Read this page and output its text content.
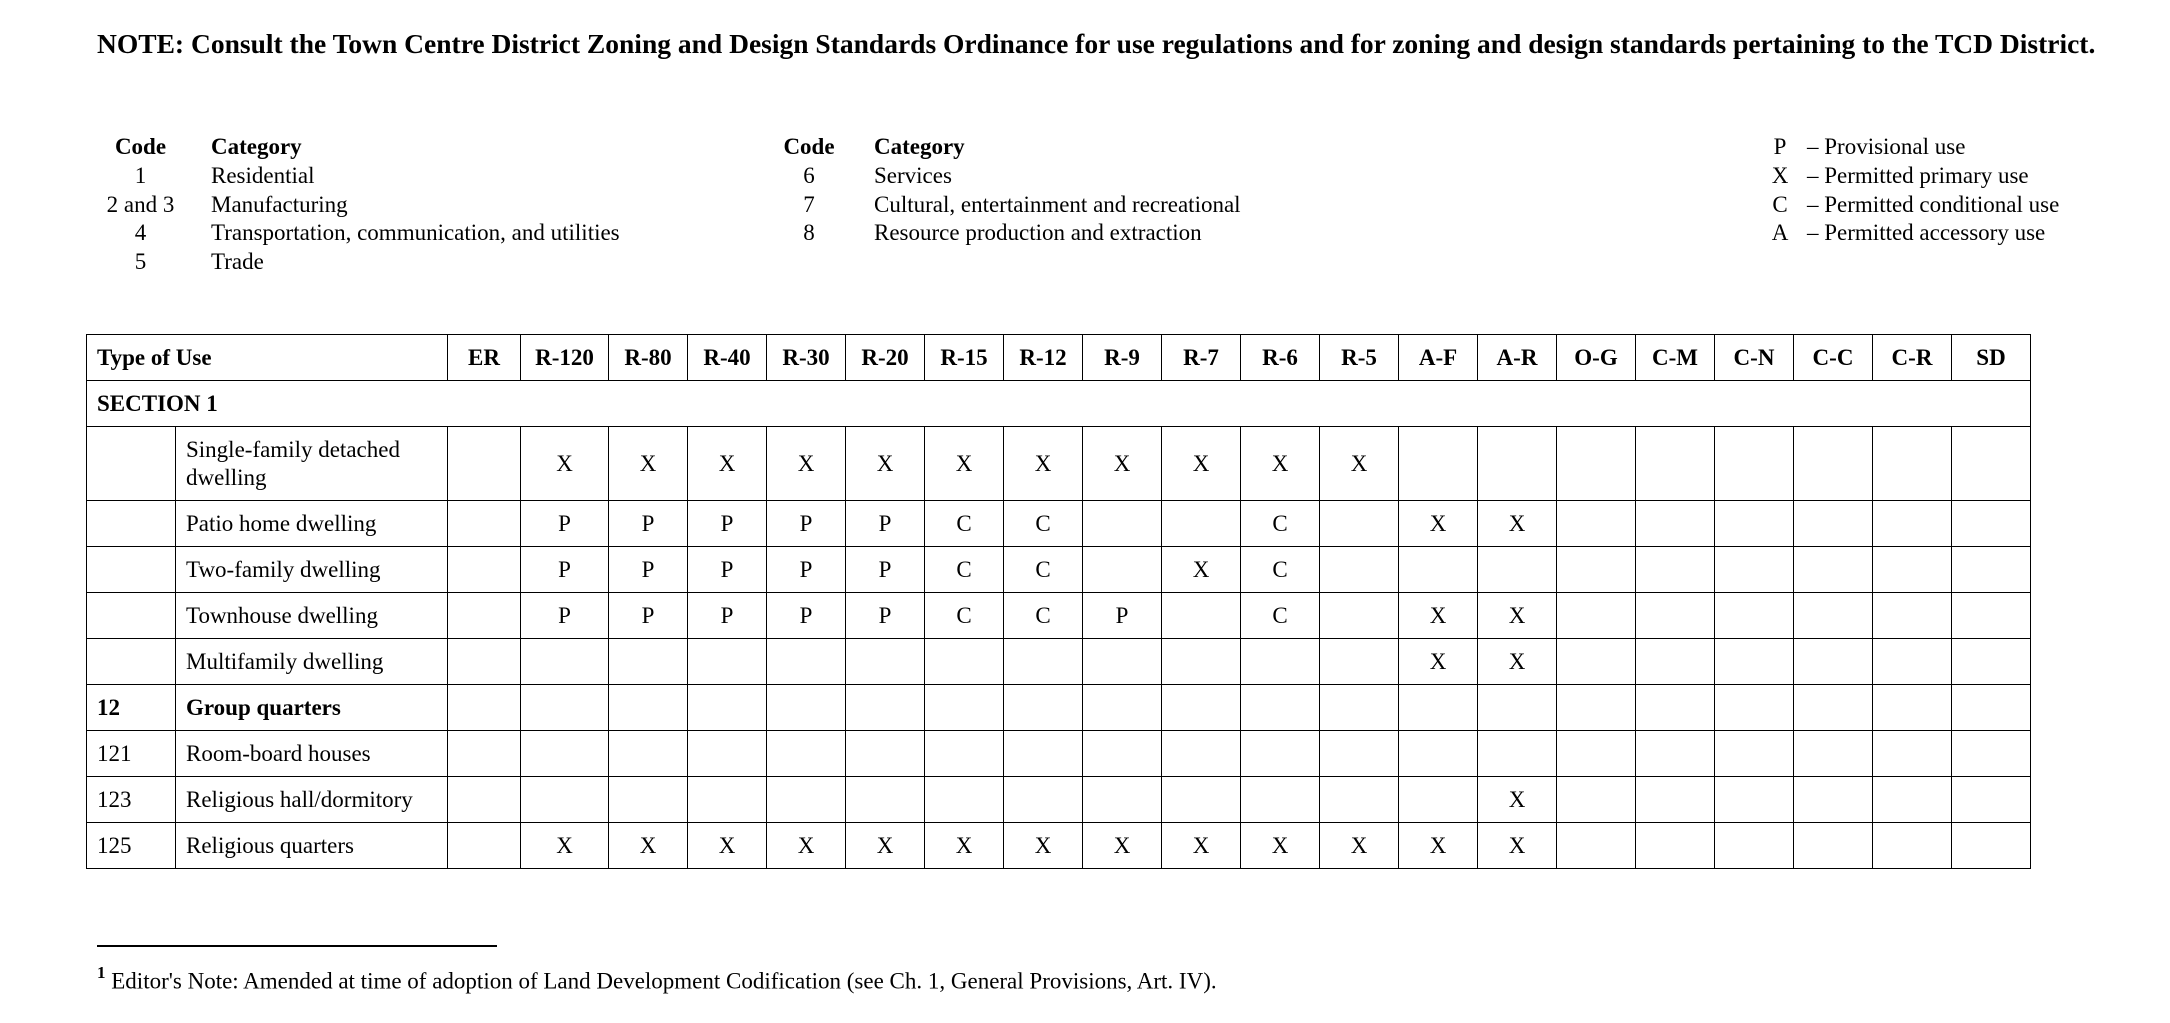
NOTE: Consult the Town Centre District Zoning and Design Standards Ordinance for use regulations and for zoning and design standards pertaining to the TCD District.

Code	Category
1	Residential
2 and 3	Manufacturing
4	Transportation, communication, and utilities
5	Trade
Code	Category
6	Services
7	Cultural, entertainment and recreational
8	Resource production and extraction
P	– Provisional use
X	– Permitted primary use
C	– Permitted conditional use
A	– Permitted accessory use
Type of Use		ER	R-120	R-80	R-40	R-30	R-20	R-15	R-12	R-9	R-7	R-6	R-5	A-F	A-R	O-G	C-M	C-N	C-C	C-R	SD
SECTION 1																					
	Single-family detached dwelling		X	X	X	X	X	X	X	X	X	X	X								
	Patio home dwelling		P	P	P	P	P	C	C			C		X	X						
	Two-family dwelling		P	P	P	P	P	C	C		X	C									
	Townhouse dwelling		P	P	P	P	P	C	C	P		C		X	X						
	Multifamily dwelling													X	X						
12	Group quarters																				
121	Room-board houses																				
123	Religious hall/dormitory														X						
125	Religious quarters		X	X	X	X	X	X	X	X	X	X	X	X	X						

$^1$ Editor's Note: Amended at time of adoption of Land Development Codification (see Ch. 1, General Provisions, Art. IV).
